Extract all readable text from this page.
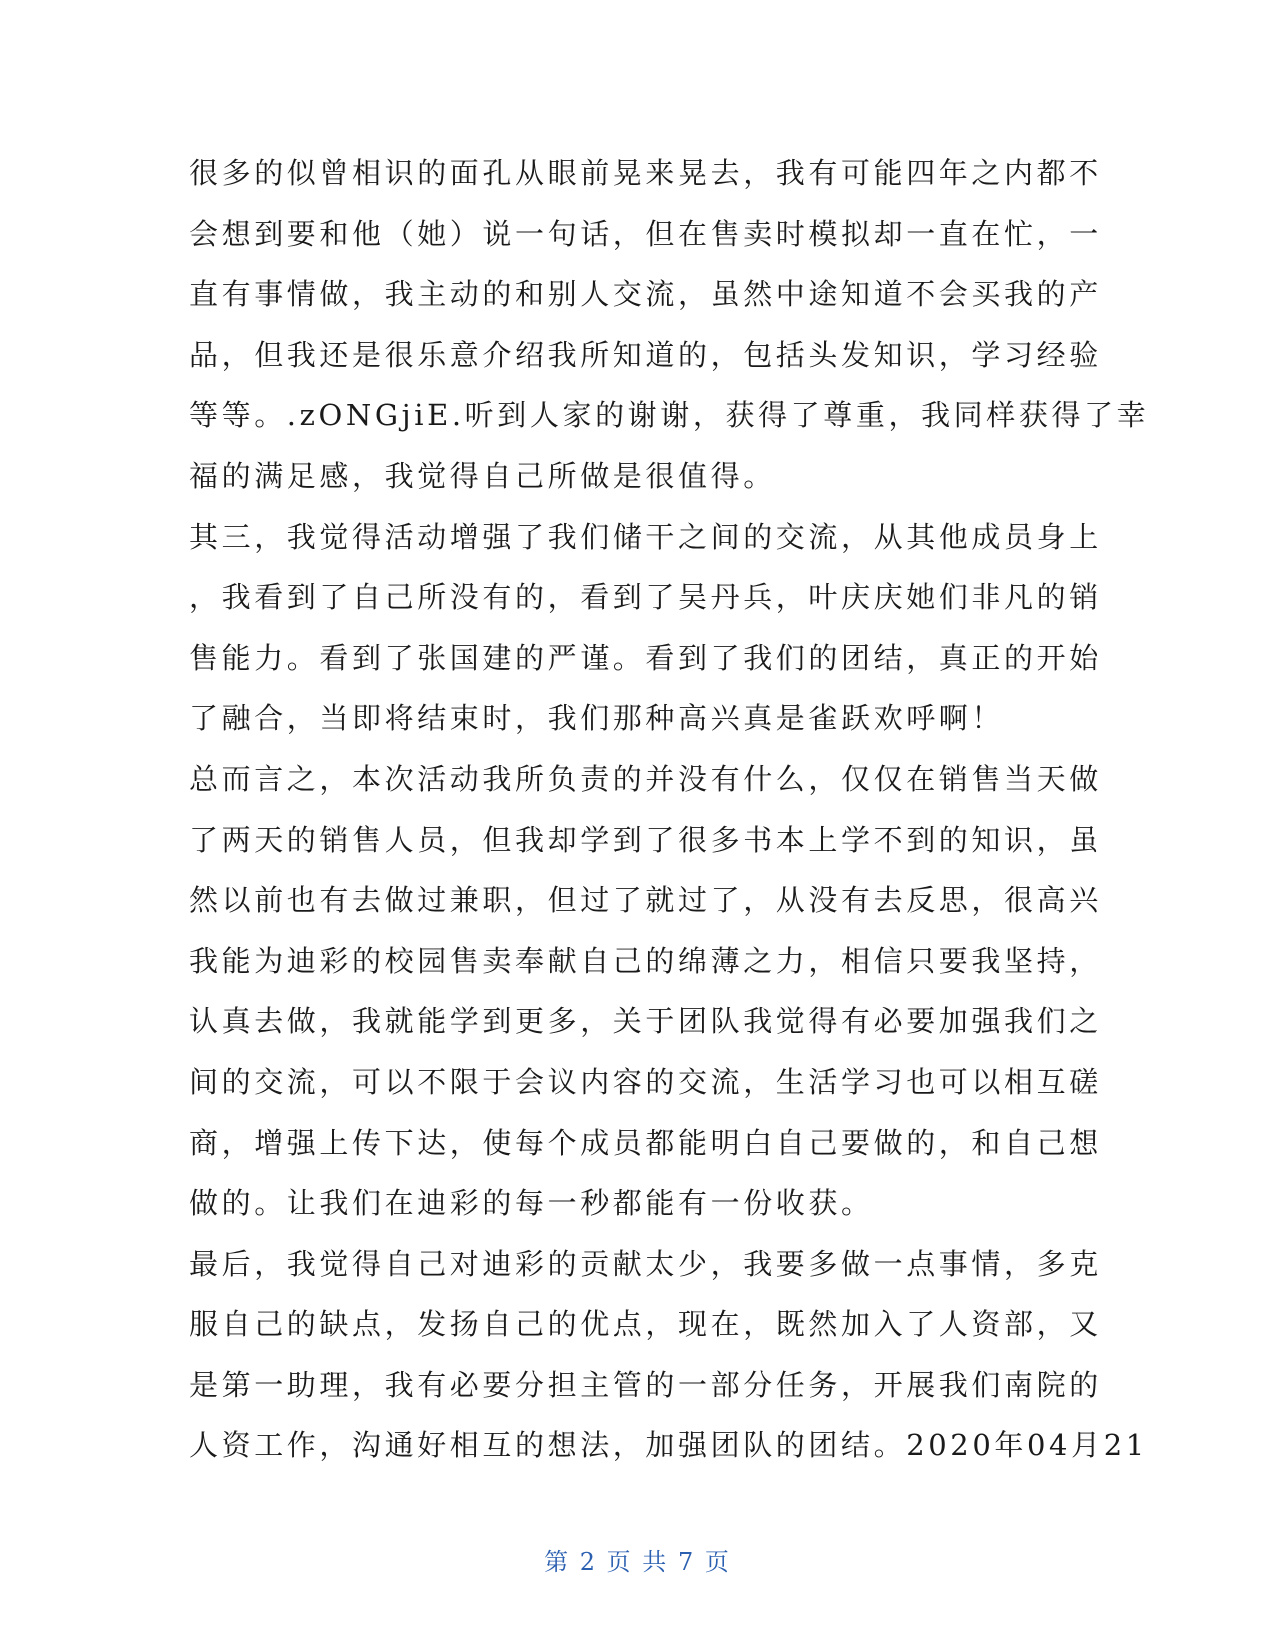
很多的似曾相识的面孔从眼前晃来晃去，我有可能四年之内都不
会想到要和他（她）说一句话，但在售卖时模拟却一直在忙，一
直有事情做，我主动的和别人交流，虽然中途知道不会买我的产
品，但我还是很乐意介绍我所知道的，包括头发知识，学习经验
等等。.zONGjiE.听到人家的谢谢，获得了尊重，我同样获得了幸
福的满足感，我觉得自己所做是很值得。
其三，我觉得活动增强了我们储干之间的交流，从其他成员身上
，我看到了自己所没有的，看到了吴丹兵，叶庆庆她们非凡的销
售能力。看到了张国建的严谨。看到了我们的团结，真正的开始
了融合，当即将结束时，我们那种高兴真是雀跃欢呼啊！
总而言之，本次活动我所负责的并没有什么，仅仅在销售当天做
了两天的销售人员，但我却学到了很多书本上学不到的知识，虽
然以前也有去做过兼职，但过了就过了，从没有去反思，很高兴
我能为迪彩的校园售卖奉献自己的绵薄之力，相信只要我坚持，
认真去做，我就能学到更多，关于团队我觉得有必要加强我们之
间的交流，可以不限于会议内容的交流，生活学习也可以相互磋
商，增强上传下达，使每个成员都能明白自己要做的，和自己想
做的。让我们在迪彩的每一秒都能有一份收获。
最后，我觉得自己对迪彩的贡献太少，我要多做一点事情，多克
服自己的缺点，发扬自己的优点，现在，既然加入了人资部，又
是第一助理，我有必要分担主管的一部分任务，开展我们南院的
人资工作，沟通好相互的想法，加强团队的团结。2020年04月21
第 2 页 共 7 页
